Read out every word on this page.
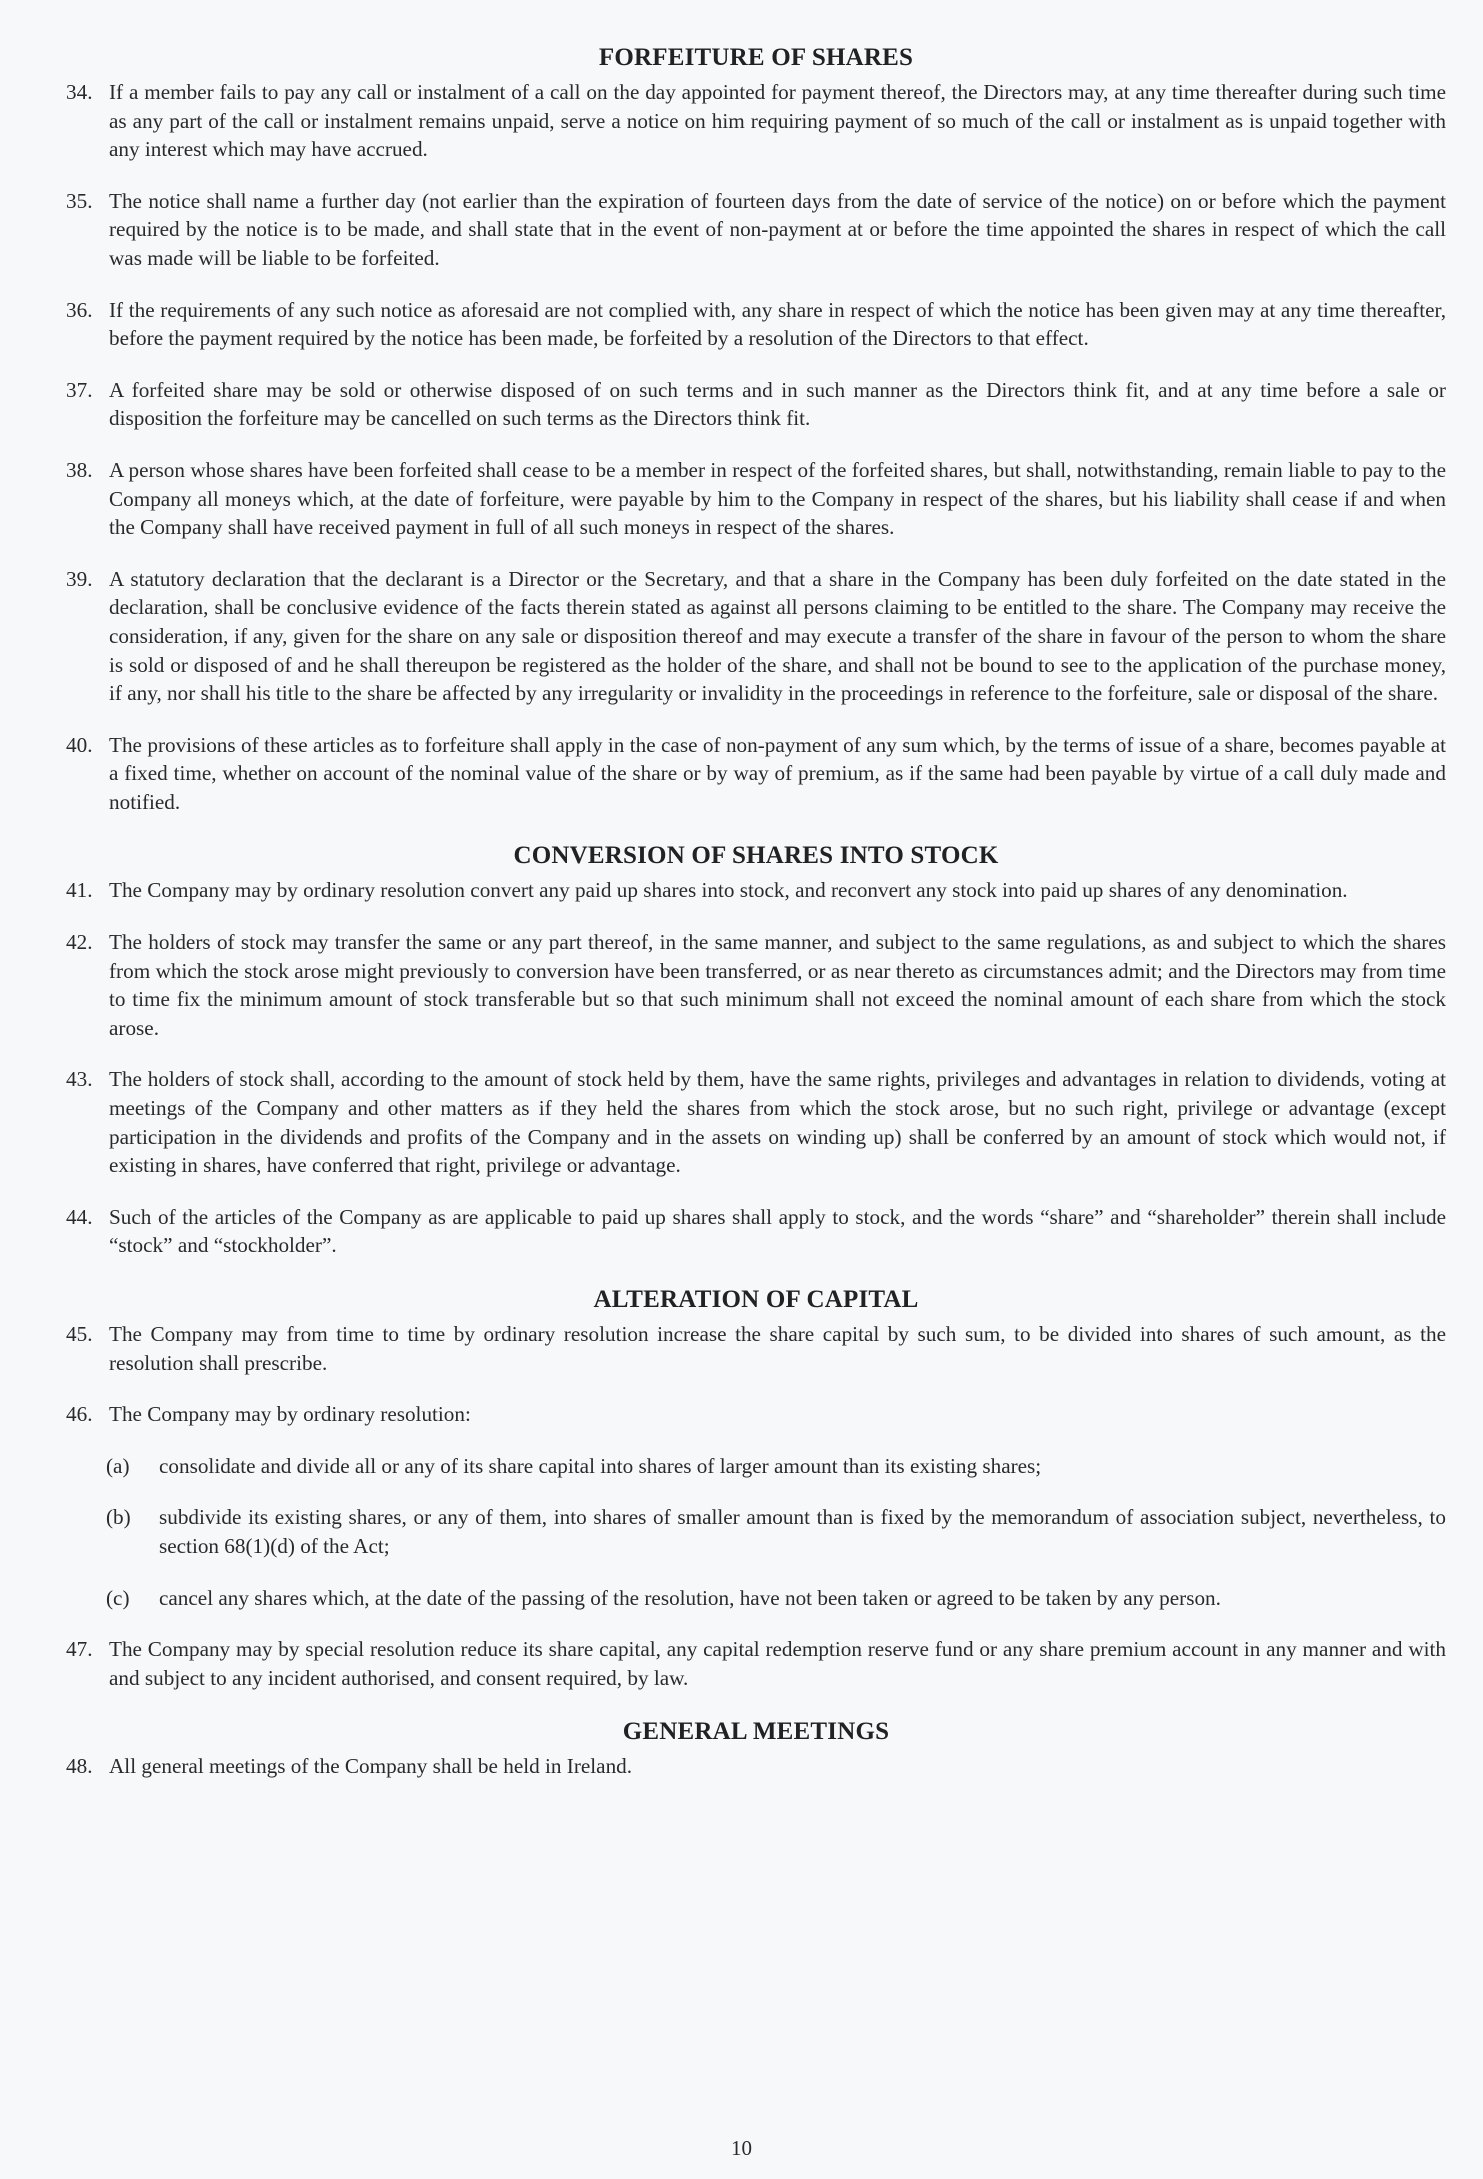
FORFEITURE OF SHARES
34. If a member fails to pay any call or instalment of a call on the day appointed for payment thereof, the Directors may, at any time thereafter during such time as any part of the call or instalment remains unpaid, serve a notice on him requiring payment of so much of the call or instalment as is unpaid together with any interest which may have accrued.
35. The notice shall name a further day (not earlier than the expiration of fourteen days from the date of service of the notice) on or before which the payment required by the notice is to be made, and shall state that in the event of non-payment at or before the time appointed the shares in respect of which the call was made will be liable to be forfeited.
36. If the requirements of any such notice as aforesaid are not complied with, any share in respect of which the notice has been given may at any time thereafter, before the payment required by the notice has been made, be forfeited by a resolution of the Directors to that effect.
37. A forfeited share may be sold or otherwise disposed of on such terms and in such manner as the Directors think fit, and at any time before a sale or disposition the forfeiture may be cancelled on such terms as the Directors think fit.
38. A person whose shares have been forfeited shall cease to be a member in respect of the forfeited shares, but shall, notwithstanding, remain liable to pay to the Company all moneys which, at the date of forfeiture, were payable by him to the Company in respect of the shares, but his liability shall cease if and when the Company shall have received payment in full of all such moneys in respect of the shares.
39. A statutory declaration that the declarant is a Director or the Secretary, and that a share in the Company has been duly forfeited on the date stated in the declaration, shall be conclusive evidence of the facts therein stated as against all persons claiming to be entitled to the share. The Company may receive the consideration, if any, given for the share on any sale or disposition thereof and may execute a transfer of the share in favour of the person to whom the share is sold or disposed of and he shall thereupon be registered as the holder of the share, and shall not be bound to see to the application of the purchase money, if any, nor shall his title to the share be affected by any irregularity or invalidity in the proceedings in reference to the forfeiture, sale or disposal of the share.
40. The provisions of these articles as to forfeiture shall apply in the case of non-payment of any sum which, by the terms of issue of a share, becomes payable at a fixed time, whether on account of the nominal value of the share or by way of premium, as if the same had been payable by virtue of a call duly made and notified.
CONVERSION OF SHARES INTO STOCK
41. The Company may by ordinary resolution convert any paid up shares into stock, and reconvert any stock into paid up shares of any denomination.
42. The holders of stock may transfer the same or any part thereof, in the same manner, and subject to the same regulations, as and subject to which the shares from which the stock arose might previously to conversion have been transferred, or as near thereto as circumstances admit; and the Directors may from time to time fix the minimum amount of stock transferable but so that such minimum shall not exceed the nominal amount of each share from which the stock arose.
43. The holders of stock shall, according to the amount of stock held by them, have the same rights, privileges and advantages in relation to dividends, voting at meetings of the Company and other matters as if they held the shares from which the stock arose, but no such right, privilege or advantage (except participation in the dividends and profits of the Company and in the assets on winding up) shall be conferred by an amount of stock which would not, if existing in shares, have conferred that right, privilege or advantage.
44. Such of the articles of the Company as are applicable to paid up shares shall apply to stock, and the words “share” and “shareholder” therein shall include “stock” and “stockholder”.
ALTERATION OF CAPITAL
45. The Company may from time to time by ordinary resolution increase the share capital by such sum, to be divided into shares of such amount, as the resolution shall prescribe.
46. The Company may by ordinary resolution:
(a) consolidate and divide all or any of its share capital into shares of larger amount than its existing shares;
(b) subdivide its existing shares, or any of them, into shares of smaller amount than is fixed by the memorandum of association subject, nevertheless, to section 68(1)(d) of the Act;
(c) cancel any shares which, at the date of the passing of the resolution, have not been taken or agreed to be taken by any person.
47. The Company may by special resolution reduce its share capital, any capital redemption reserve fund or any share premium account in any manner and with and subject to any incident authorised, and consent required, by law.
GENERAL MEETINGS
48. All general meetings of the Company shall be held in Ireland.
10
